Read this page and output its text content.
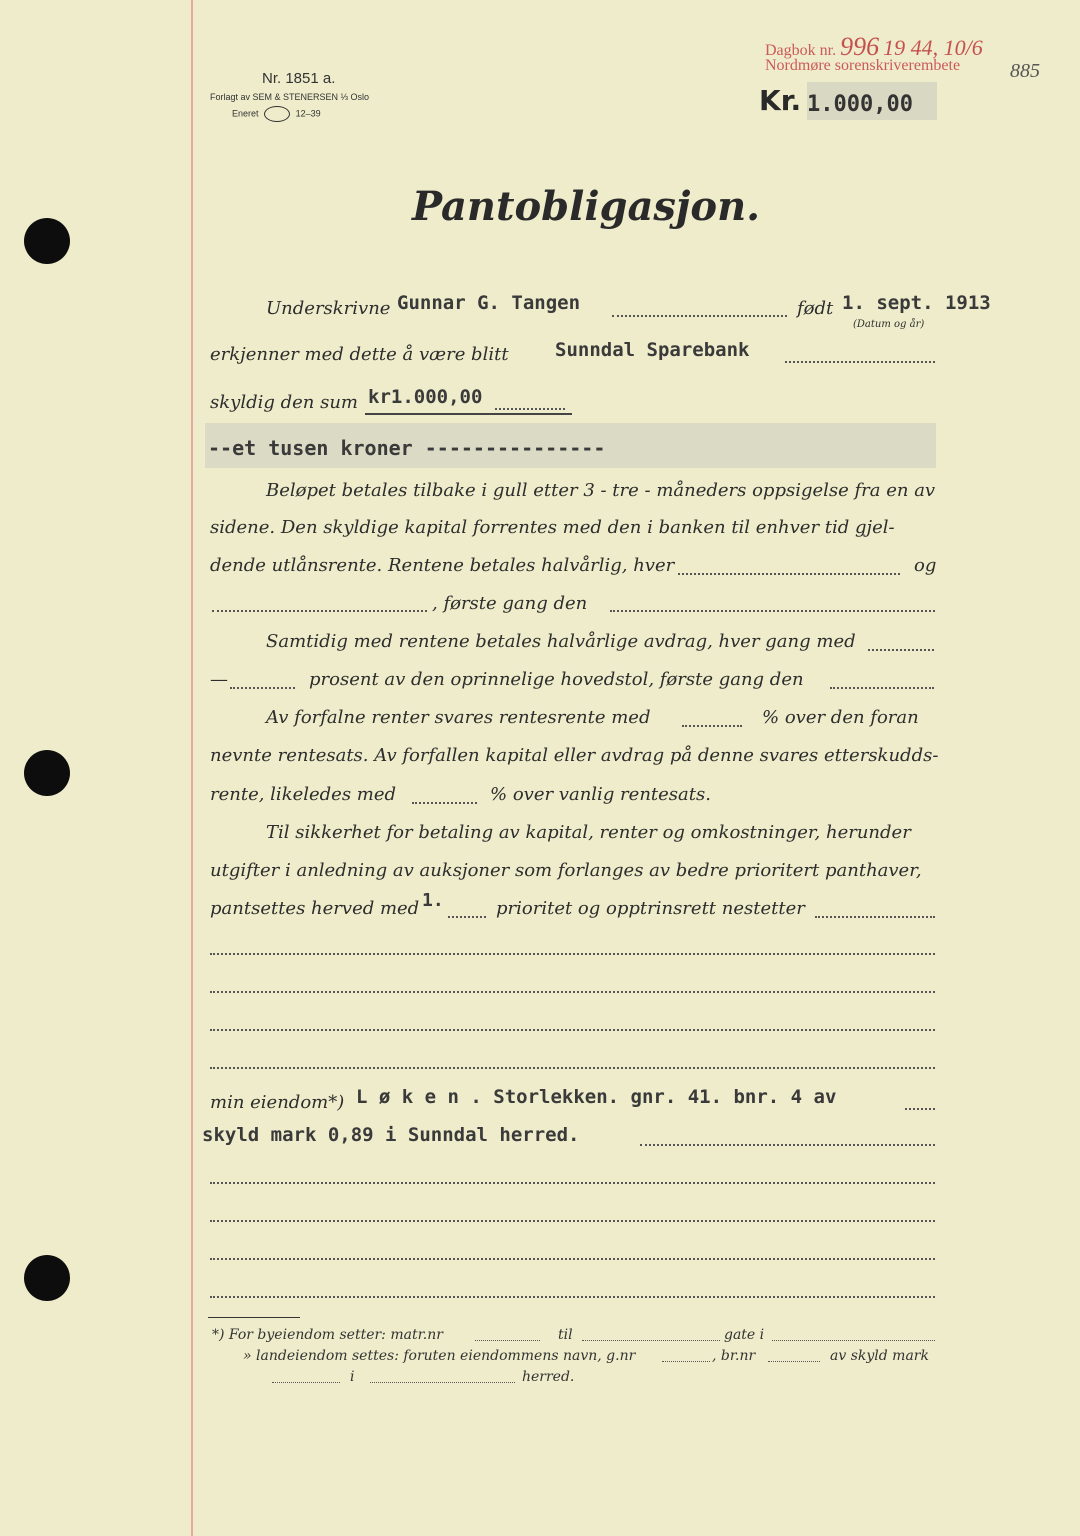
Dagbok nr. 996 19 44, 10/6
Nordmøre sorenskriverembete 885
Nr. 1851 a.
Forlagt av SEM & STENERSEN ⅓ Oslo
Eneret	12–39	Kr. 1.000,00
Pantobligasjon.
Underskrivne Gunnar G. Tangen	født 1. sept. 1913
(Datum og år)
erkjenner med dette å være blitt Sunndal Sparebank
skyldig den sum kr1.000,00
--et tusen kroner ---------------
Beløpet betales tilbake i gull etter 3 - tre - måneders oppsigelse fra en av
sidene. Den skyldige kapital forrentes med den i banken til enhver tid gjel-
dende utlånsrente. Rentene betales halvårlig, hver	og
, første gang den
Samtidig med rentene betales halvårlige avdrag, hver gang med
—	prosent av den oprinnelige hovedstol, første gang den
Av forfalne renter svares rentesrente med	% over den foran
nevnte rentesats. Av forfallen kapital eller avdrag på denne svares etterskudds-
rente, likeledes med	% over vanlig rentesats.
Til sikkerhet for betaling av kapital, renter og omkostninger, herunder
utgifter i anledning av auksjoner som forlanges av bedre prioritert panthaver,
pantsettes herved med 1.	prioritet og opptrinsrett nestetter
min eiendom*) L ø k e n . Storlekken. gnr. 41. bnr. 4 av
skyld mark 0,89 i Sunndal herred.
*) For byeiendom setter: matr.nr	til	gate i
» landeiendom settes: foruten eiendommens navn, g.nr	, br.nr	av skyld mark
i	herred.
